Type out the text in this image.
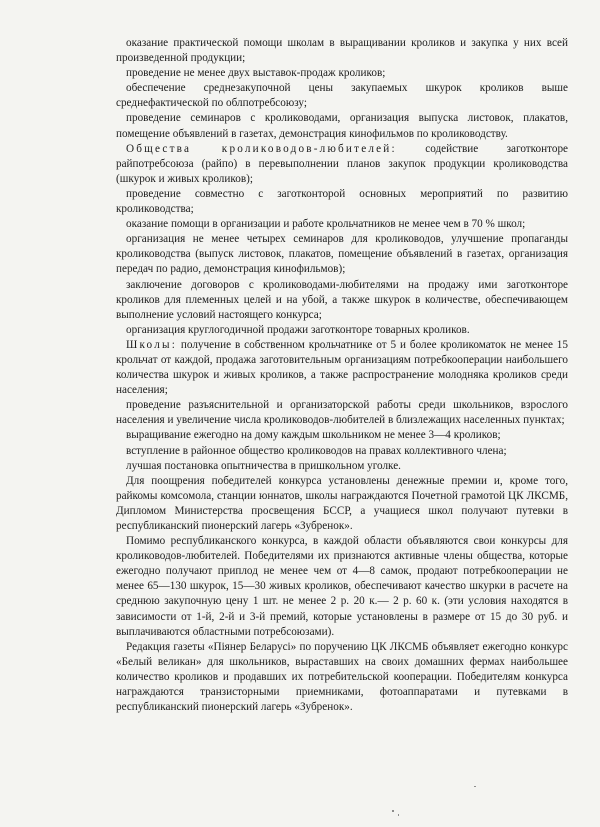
оказание практической помощи школам в выращивании кроликов и закупка у них всей произведенной продукции;

проведение не менее двух выставок-продаж кроликов;

обеспечение среднезакупочной цены закупаемых шкурок кроликов выше среднефактической по облпотребсоюзу;

проведение семинаров с кролиководами, организация выпуска листовок, плакатов, помещение объявлений в газетах, демонстрация кинофильмов по кролиководству.

Общества кролиководов-любителей: содействие заготконторе райпотребсоюза (райпо) в перевыполнении планов закупок продукции кролиководства (шкурок и живых кроликов);

проведение совместно с заготконторой основных мероприятий по развитию кролиководства;

оказание помощи в организации и работе крольчатников не менее чем в 70 % школ;

организация не менее четырех семинаров для кролиководов, улучшение пропаганды кролиководства (выпуск листовок, плакатов, помещение объявлений в газетах, организация передач по радио, демонстрация кинофильмов);

заключение договоров с кролиководами-любителями на продажу ими заготконторе кроликов для племенных целей и на убой, а также шкурок в количестве, обеспечивающем выполнение условий настоящего конкурса;

организация круглогодичной продажи заготконторе товарных кроликов.

Школы: получение в собственном крольчатнике от 5 и более кроликоматок не менее 15 крольчат от каждой, продажа заготовительным организациям потребкооперации наибольшего количества шкурок и живых кроликов, а также распространение молодняка кроликов среди населения;

проведение разъяснительной и организаторской работы среди школьников, взрослого населения и увеличение числа кролиководов-любителей в близлежащих населенных пунктах;

выращивание ежегодно на дому каждым школьником не менее 3—4 кроликов;

вступление в районное общество кролиководов на правах коллективного члена;

лучшая постановка опытничества в пришкольном уголке.

Для поощрения победителей конкурса установлены денежные премии и, кроме того, райкомы комсомола, станции юннатов, школы награждаются Почетной грамотой ЦК ЛКСМБ, Дипломом Министерства просвещения БССР, а учащиеся школ получают путевки в республиканский пионерский лагерь «Зубренок».

Помимо республиканского конкурса, в каждой области объявляются свои конкурсы для кролиководов-любителей. Победителями их признаются активные члены общества, которые ежегодно получают приплод не менее чем от 4—8 самок, продают потребкооперации не менее 65—130 шкурок, 15—30 живых кроликов, обеспечивают качество шкурки в расчете на среднюю закупочную цену 1 шт. не менее 2 р. 20 к.— 2 р. 60 к. (эти условия находятся в зависимости от 1-й, 2-й и 3-й премий, которые установлены в размере от 15 до 30 руб. и выплачиваются областными потребсоюзами).

Редакция газеты «Піянер Беларусі» по поручению ЦК ЛКСМБ объявляет ежегодно конкурс «Белый великан» для школьников, выраставших на своих домашних фермах наибольшее количество кроликов и продавших их потребительской кооперации. Победителям конкурса награждаются транзисторными приемниками, фотоаппаратами и путевками в республиканский пионерский лагерь «Зубренок».
